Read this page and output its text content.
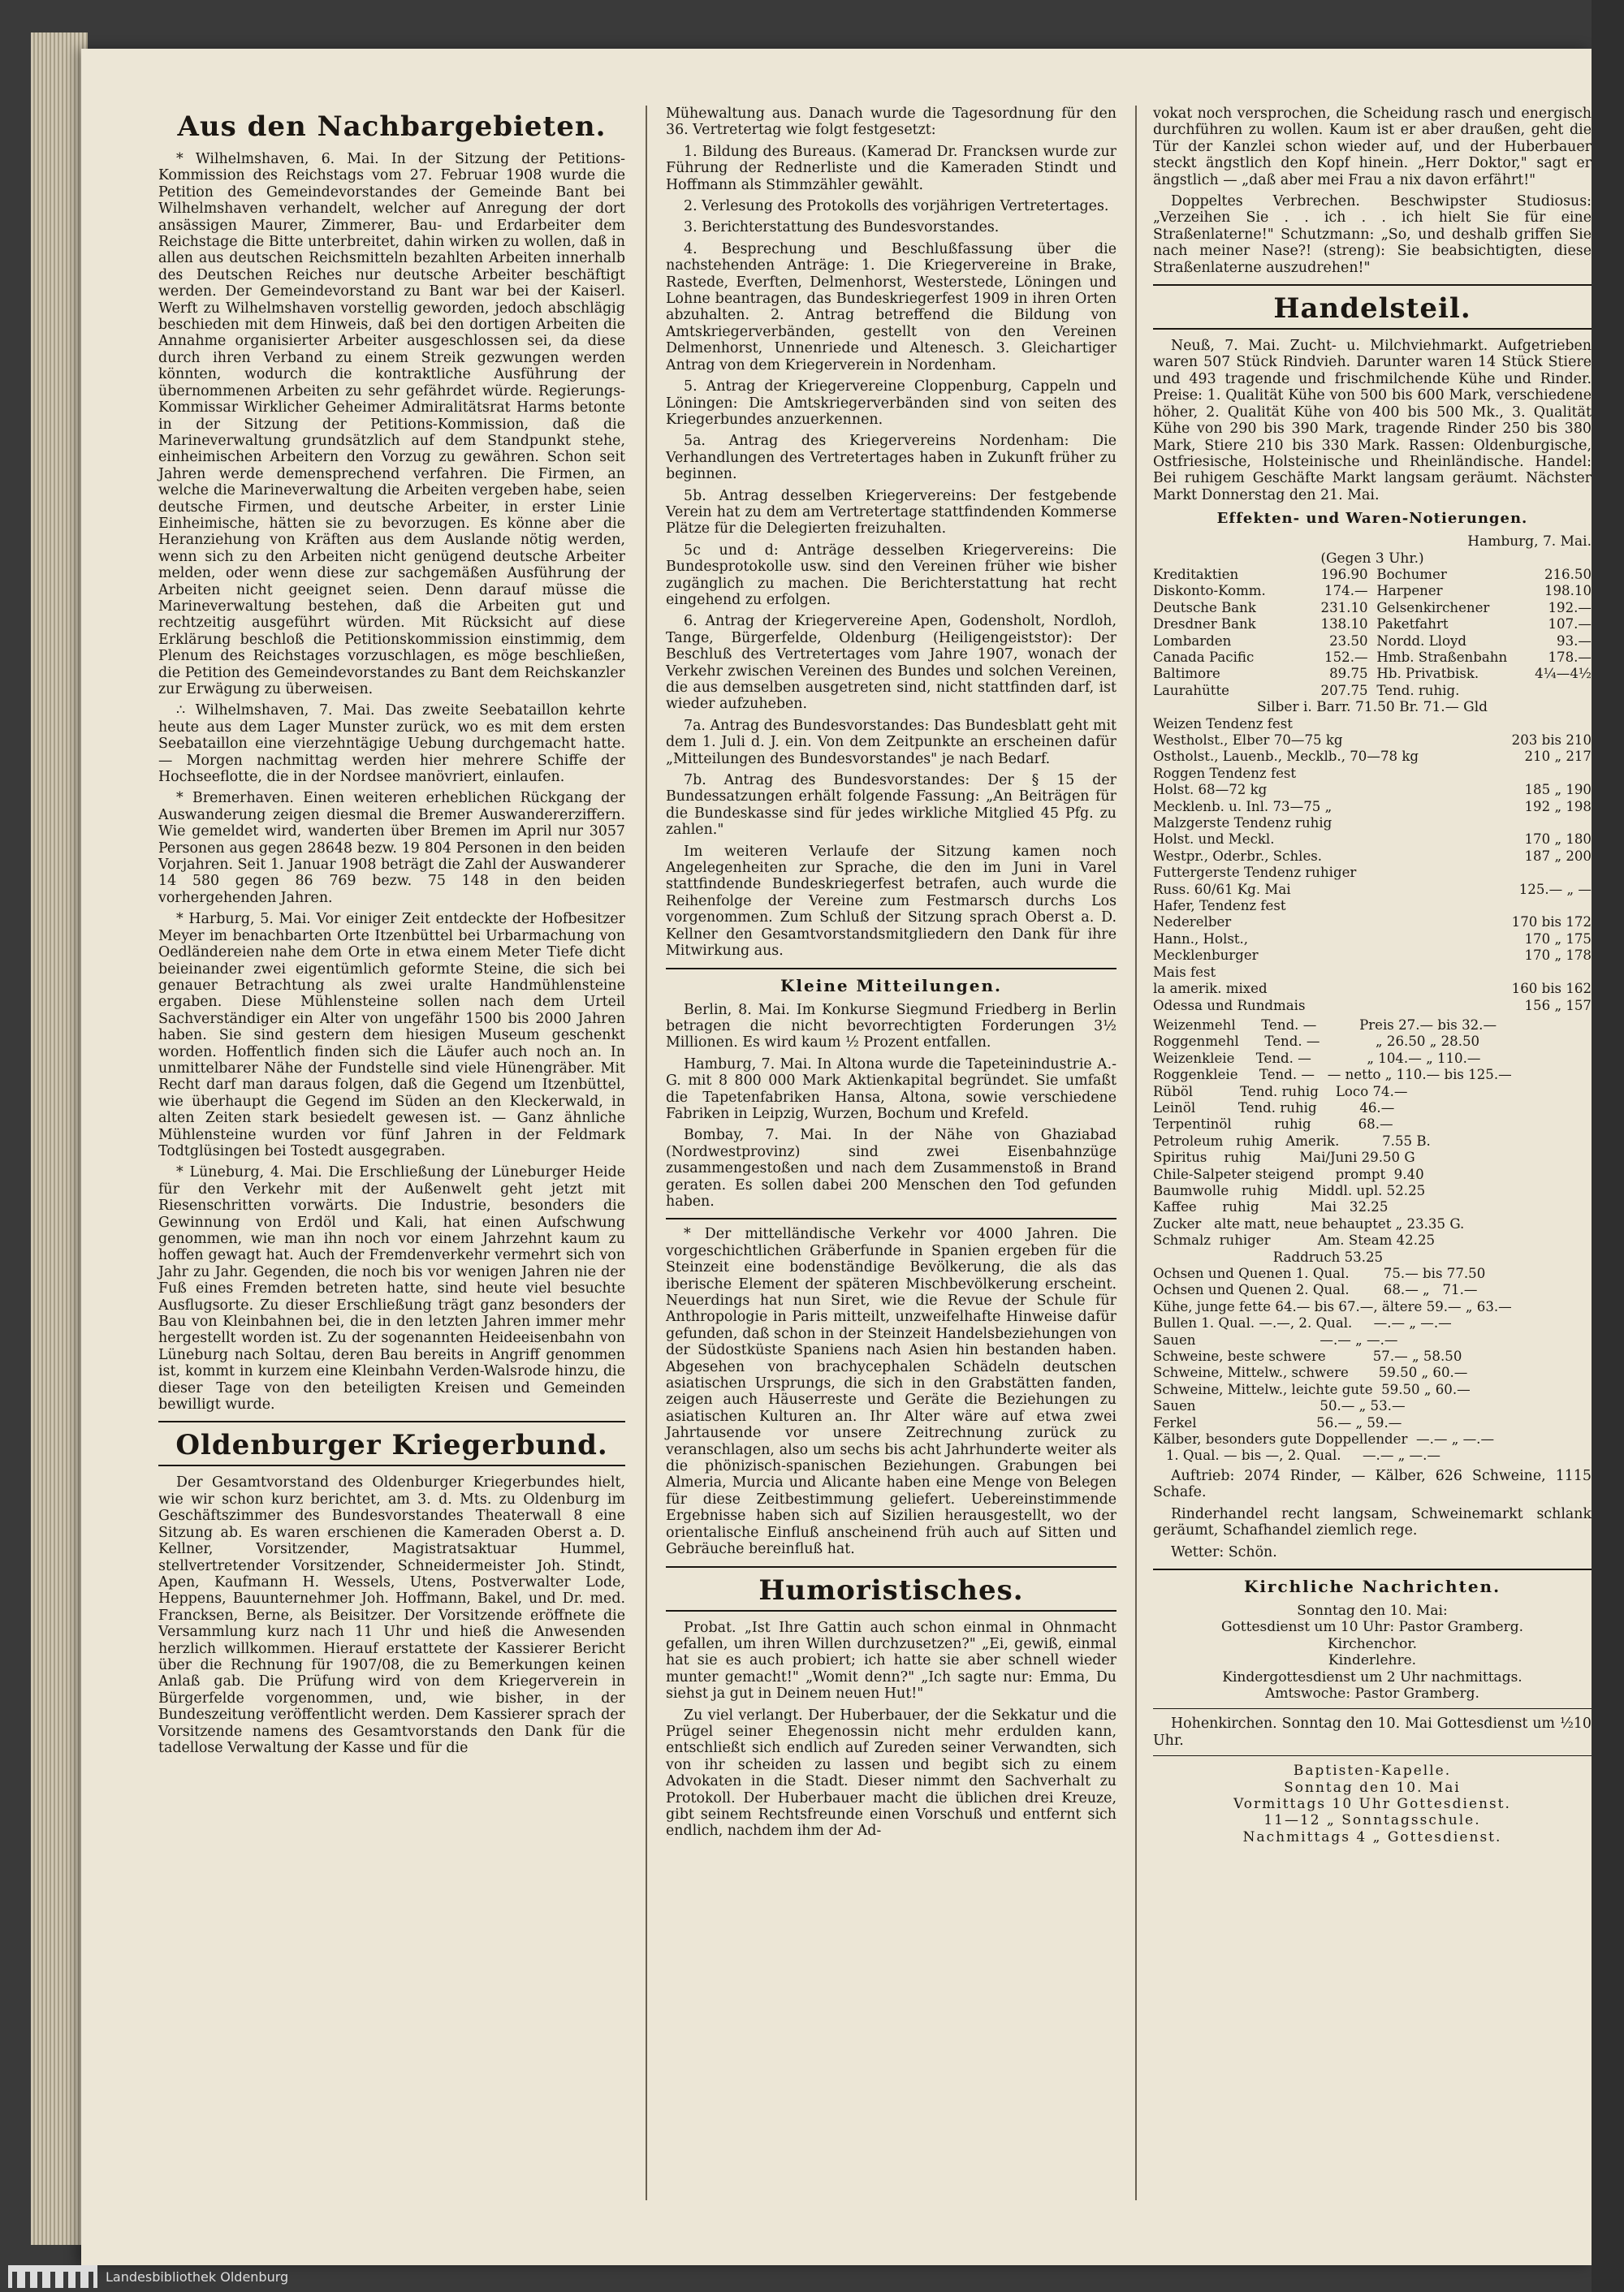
Aus den Nachbargebieten.

* Wilhelmshaven, 6. Mai. In der Sitzung der Petitions-Kommission des Reichstags vom 27. Februar 1908 wurde die Petition des Gemeindevorstandes der Gemeinde Bant bei Wilhelmshaven verhandelt, welcher auf Anregung der dort ansässigen Maurer, Zimmerer, Bau- und Erdarbeiter dem Reichstage die Bitte unterbreitet, dahin wirken zu wollen, daß in allen aus deutschen Reichsmitteln bezahlten Arbeiten innerhalb des Deutschen Reiches nur deutsche Arbeiter beschäftigt werden. Der Gemeindevorstand zu Bant war bei der Kaiserl. Werft zu Wilhelmshaven vorstellig geworden, jedoch abschlägig beschieden mit dem Hinweis, daß bei den dortigen Arbeiten die Annahme organisierter Arbeiter ausgeschlossen sei, da diese durch ihren Verband zu einem Streik gezwungen werden könnten, wodurch die kontraktliche Ausführung der übernommenen Arbeiten zu sehr gefährdet würde. Regierungs-Kommissar Wirklicher Geheimer Admiralitätsrat Harms betonte in der Sitzung der Petitions-Kommission, daß die Marineverwaltung grundsätzlich auf dem Standpunkt stehe, einheimischen Arbeitern den Vorzug zu gewähren. Schon seit Jahren werde demensprechend verfahren. Die Firmen, an welche die Marineverwaltung die Arbeiten vergeben habe, seien deutsche Firmen, und deutsche Arbeiter, in erster Linie Einheimische, hätten sie zu bevorzugen. Es könne aber die Heranziehung von Kräften aus dem Auslande nötig werden, wenn sich zu den Arbeiten nicht genügend deutsche Arbeiter melden, oder wenn diese zur sachgemäßen Ausführung der Arbeiten nicht geeignet seien. Denn darauf müsse die Marineverwaltung bestehen, daß die Arbeiten gut und rechtzeitig ausgeführt würden. Mit Rücksicht auf diese Erklärung beschloß die Petitionskommission einstimmig, dem Plenum des Reichstages vorzuschlagen, es möge beschließen, die Petition des Gemeindevorstandes zu Bant dem Reichskanzler zur Erwägung zu überweisen.

∴ Wilhelmshaven, 7. Mai. Das zweite Seebataillon kehrte heute aus dem Lager Munster zurück, wo es mit dem ersten Seebataillon eine vierzehntägige Uebung durchgemacht hatte. — Morgen nachmittag werden hier mehrere Schiffe der Hochseeflotte, die in der Nordsee manövriert, einlaufen.

* Bremerhaven. Einen weiteren erheblichen Rückgang der Auswanderung zeigen diesmal die Bremer Auswandererziffern. Wie gemeldet wird, wanderten über Bremen im April nur 3057 Personen aus gegen 28648 bezw. 19 804 Personen in den beiden Vorjahren. Seit 1. Januar 1908 beträgt die Zahl der Auswanderer 14 580 gegen 86 769 bezw. 75 148 in den beiden vorhergehenden Jahren.

* Harburg, 5. Mai. Vor einiger Zeit entdeckte der Hofbesitzer Meyer im benachbarten Orte Itzenbüttel bei Urbarmachung von Oedländereien nahe dem Orte in etwa einem Meter Tiefe dicht beieinander zwei eigentümlich geformte Steine, die sich bei genauer Betrachtung als zwei uralte Handmühlensteine ergaben. Diese Mühlensteine sollen nach dem Urteil Sachverständiger ein Alter von ungefähr 1500 bis 2000 Jahren haben. Sie sind gestern dem hiesigen Museum geschenkt worden. Hoffentlich finden sich die Läufer auch noch an. In unmittelbarer Nähe der Fundstelle sind viele Hünengräber. Mit Recht darf man daraus folgen, daß die Gegend um Itzenbüttel, wie überhaupt die Gegend im Süden an den Kleckerwald, in alten Zeiten stark besiedelt gewesen ist. — Ganz ähnliche Mühlensteine wurden vor fünf Jahren in der Feldmark Todtglüsingen bei Tostedt ausgegraben.

* Lüneburg, 4. Mai. Die Erschließung der Lüneburger Heide für den Verkehr mit der Außenwelt geht jetzt mit Riesenschritten vorwärts. Die Industrie, besonders die Gewinnung von Erdöl und Kali, hat einen Aufschwung genommen, wie man ihn noch vor einem Jahrzehnt kaum zu hoffen gewagt hat. Auch der Fremdenverkehr vermehrt sich von Jahr zu Jahr. Gegenden, die noch bis vor wenigen Jahren nie der Fuß eines Fremden betreten hatte, sind heute viel besuchte Ausflugsorte. Zu dieser Erschließung trägt ganz besonders der Bau von Kleinbahnen bei, die in den letzten Jahren immer mehr hergestellt worden ist. Zu der sogenannten Heideeisenbahn von Lüneburg nach Soltau, deren Bau bereits in Angriff genommen ist, kommt in kurzem eine Kleinbahn Verden-Walsrode hinzu, die dieser Tage von den beteiligten Kreisen und Gemeinden bewilligt wurde.

Oldenburger Kriegerbund.

Der Gesamtvorstand des Oldenburger Kriegerbundes hielt, wie wir schon kurz berichtet, am 3. d. Mts. zu Oldenburg im Geschäftszimmer des Bundesvorstandes Theaterwall 8 eine Sitzung ab. Es waren erschienen die Kameraden Oberst a. D. Kellner, Vorsitzender, Magistratsaktuar Hummel, stellvertretender Vorsitzender, Schneidermeister Joh. Stindt, Apen, Kaufmann H. Wessels, Utens, Postverwalter Lode, Heppens, Bauunternehmer Joh. Hoffmann, Bakel, und Dr. med. Francksen, Berne, als Beisitzer. Der Vorsitzende eröffnete die Versammlung kurz nach 11 Uhr und hieß die Anwesenden herzlich willkommen. Hierauf erstattete der Kassierer Bericht über die Rechnung für 1907/08, die zu Bemerkungen keinen Anlaß gab. Die Prüfung wird von dem Kriegerverein in Bürgerfelde vorgenommen, und, wie bisher, in der Bundeszeitung veröffentlicht werden. Dem Kassierer sprach der Vorsitzende namens des Gesamtvorstands den Dank für die tadellose Verwaltung der Kasse und für die

Mühewaltung aus. Danach wurde die Tagesordnung für den 36. Vertretertag wie folgt festgesetzt:

1. Bildung des Bureaus. (Kamerad Dr. Francksen wurde zur Führung der Rednerliste und die Kameraden Stindt und Hoffmann als Stimmzähler gewählt.

2. Verlesung des Protokolls des vorjährigen Vertretertages.

3. Berichterstattung des Bundesvorstandes.

4. Besprechung und Beschlußfassung über die nachstehenden Anträge: 1. Die Kriegervereine in Brake, Rastede, Everften, Delmenhorst, Westerstede, Löningen und Lohne beantragen, das Bundeskriegerfest 1909 in ihren Orten abzuhalten. 2. Antrag betreffend die Bildung von Amtskriegerverbänden, gestellt von den Vereinen Delmenhorst, Unnenriede und Altenesch. 3. Gleichartiger Antrag von dem Kriegerverein in Nordenham.

5. Antrag der Kriegervereine Cloppenburg, Cappeln und Löningen: Die Amtskriegerverbänden sind von seiten des Kriegerbundes anzuerkennen.

5a. Antrag des Kriegervereins Nordenham: Die Verhandlungen des Vertretertages haben in Zukunft früher zu beginnen.

5b. Antrag desselben Kriegervereins: Der festgebende Verein hat zu dem am Vertretertage stattfindenden Kommerse Plätze für die Delegierten freizuhalten.

5c und d: Anträge desselben Kriegervereins: Die Bundesprotokolle usw. sind den Vereinen früher wie bisher zugänglich zu machen. Die Berichterstattung hat recht eingehend zu erfolgen.

6. Antrag der Kriegervereine Apen, Godensholt, Nordloh, Tange, Bürgerfelde, Oldenburg (Heiligengeiststor): Der Beschluß des Vertretertages vom Jahre 1907, wonach der Verkehr zwischen Vereinen des Bundes und solchen Vereinen, die aus demselben ausgetreten sind, nicht stattfinden darf, ist wieder aufzuheben.

7a. Antrag des Bundesvorstandes: Das Bundesblatt geht mit dem 1. Juli d. J. ein. Von dem Zeitpunkte an erscheinen dafür „Mitteilungen des Bundesvorstandes" je nach Bedarf.

7b. Antrag des Bundesvorstandes: Der § 15 der Bundessatzungen erhält folgende Fassung: „An Beiträgen für die Bundeskasse sind für jedes wirkliche Mitglied 45 Pfg. zu zahlen."

Im weiteren Verlaufe der Sitzung kamen noch Angelegenheiten zur Sprache, die den im Juni in Varel stattfindende Bundeskriegerfest betrafen, auch wurde die Reihenfolge der Vereine zum Festmarsch durchs Los vorgenommen. Zum Schluß der Sitzung sprach Oberst a. D. Kellner den Gesamtvorstandsmitgliedern den Dank für ihre Mitwirkung aus.

Kleine Mitteilungen.

Berlin, 8. Mai. Im Konkurse Siegmund Friedberg in Berlin betragen die nicht bevorrechtigten Forderungen 3½ Millionen. Es wird kaum ½ Prozent entfallen.

Hamburg, 7. Mai. In Altona wurde die Tapeteinindustrie A.-G. mit 8 800 000 Mark Aktienkapital begründet. Sie umfaßt die Tapetenfabriken Hansa, Altona, sowie verschiedene Fabriken in Leipzig, Wurzen, Bochum und Krefeld.

Bombay, 7. Mai. In der Nähe von Ghaziabad (Nordwestprovinz) sind zwei Eisenbahnzüge zusammengestoßen und nach dem Zusammenstoß in Brand geraten. Es sollen dabei 200 Menschen den Tod gefunden haben.

* Der mittelländische Verkehr vor 4000 Jahren. Die vorgeschichtlichen Gräberfunde in Spanien ergeben für die Steinzeit eine bodenständige Bevölkerung, die als das iberische Element der späteren Mischbevölkerung erscheint. Neuerdings hat nun Siret, wie die Revue der Schule für Anthropologie in Paris mitteilt, unzweifelhafte Hinweise dafür gefunden, daß schon in der Steinzeit Handelsbeziehungen von der Südostküste Spaniens nach Asien hin bestanden haben. Abgesehen von brachycephalen Schädeln deutschen asiatischen Ursprungs, die sich in den Grabstätten fanden, zeigen auch Häuserreste und Geräte die Beziehungen zu asiatischen Kulturen an. Ihr Alter wäre auf etwa zwei Jahrtausende vor unsere Zeitrechnung zurück zu veranschlagen, also um sechs bis acht Jahrhunderte weiter als die phönizisch-spanischen Beziehungen. Grabungen bei Almeria, Murcia und Alicante haben eine Menge von Belegen für diese Zeitbestimmung geliefert. Uebereinstimmende Ergebnisse haben sich auf Sizilien herausgestellt, wo der orientalische Einfluß anscheinend früh auch auf Sitten und Gebräuche bereinfluß hat.

Humoristisches.

Probat. „Ist Ihre Gattin auch schon einmal in Ohnmacht gefallen, um ihren Willen durchzusetzen?" „Ei, gewiß, einmal hat sie es auch probiert; ich hatte sie aber schnell wieder munter gemacht!" „Womit denn?" „Ich sagte nur: Emma, Du siehst ja gut in Deinem neuen Hut!"

Zu viel verlangt. Der Huberbauer, der die Sekkatur und die Prügel seiner Ehegenossin nicht mehr erdulden kann, entschließt sich endlich auf Zureden seiner Verwandten, sich von ihr scheiden zu lassen und begibt sich zu einem Advokaten in die Stadt. Dieser nimmt den Sachverhalt zu Protokoll. Der Huberbauer macht die üblichen drei Kreuze, gibt seinem Rechtsfreunde einen Vorschuß und entfernt sich endlich, nachdem ihm der Ad-

vokat noch versprochen, die Scheidung rasch und energisch durchführen zu wollen. Kaum ist er aber draußen, geht die Tür der Kanzlei schon wieder auf, und der Huberbauer steckt ängstlich den Kopf hinein. „Herr Doktor," sagt er ängstlich — „daß aber mei Frau a nix davon erfährt!"

Doppeltes Verbrechen. Beschwipster Studiosus: „Verzeihen Sie . . ich . . ich hielt Sie für eine Straßenlaterne!" Schutzmann: „So, und deshalb griffen Sie nach meiner Nase?! (streng): Sie beabsichtigten, diese Straßenlaterne auszudrehen!"

Handelsteil.

Neuß, 7. Mai. Zucht- u. Milchviehmarkt. Aufgetrieben waren 507 Stück Rindvieh. Darunter waren 14 Stück Stiere und 493 tragende und frischmilchende Kühe und Rinder. Preise: 1. Qualität Kühe von 500 bis 600 Mark, verschiedene höher, 2. Qualität Kühe von 400 bis 500 Mk., 3. Qualität Kühe von 290 bis 390 Mark, tragende Rinder 250 bis 380 Mark, Stiere 210 bis 330 Mark. Rassen: Oldenburgische, Ostfriesische, Holsteinische und Rheinländische. Handel: Bei ruhigem Geschäfte Markt langsam geräumt. Nächster Markt Donnerstag den 21. Mai.

Effekten- und Waren-Notierungen.

Hamburg, 7. Mai.

(Gegen 3 Uhr.)

Kreditaktien	196.90 Bochumer	216.50
Diskonto-Komm.	174.— Harpener	198.10
Deutsche Bank	231.10 Gelsenkirchener	192.—
Dresdner Bank	138.10 Paketfahrt	107.—
Lombarden	23.50 Nordd. Lloyd	93.—
Canada Pacific	152.— Hmb. Straßenbahn	178.—
Baltimore	89.75 Hb. Privatbisk.	4¼—4½
Laurahütte	207.75 Tend. ruhig.

Silber i. Barr. 71.50 Br. 71.— Gld

Weizen Tendenz fest
Westholst., Elber 70—75 kg	203 bis 210
Ostholst., Lauenb., Mecklb., 70—78 kg	210 „ 217
Roggen Tendenz fest
Holst. 68—72 kg	185 „ 190
Mecklenb. u. Inl. 73—75 „	192 „ 198
Malzgerste Tendenz ruhig
Holst. und Meckl.	170 „ 180
Westpr., Oderbr., Schles.	187 „ 200
Futtergerste Tendenz ruhiger
Russ. 60/61 Kg. Mai	125.— „ —
Hafer, Tendenz fest
Nederelber	170 bis 172
Hann., Holst.,	170 „ 175
Mecklenburger	170 „ 178
Mais fest
la amerik. mixed	160 bis 162
Odessa und Rundmais	156 „ 157
Weizenmehl      Tend. —          Preis 27.— bis 32.—
Roggenmehl      Tend. —             „ 26.50 „ 28.50
Weizenkleie     Tend. —             „ 104.— „ 110.—
Roggenkleie     Tend. —   — netto „ 110.— bis 125.—
Rüböl           Tend. ruhig    Loco 74.—
Leinöl          Tend. ruhig          46.—
Terpentinöl          ruhig           68.—
Petroleum   ruhig   Amerik.          7.55 B.
Spiritus    ruhig         Mai/Juni 29.50 G
Chile-Salpeter steigend     prompt  9.40
Baumwolle   ruhig       Middl. upl. 52.25
Kaffee      ruhig            Mai   32.25
Zucker   alte matt, neue behauptet „ 23.35 G.
Schmalz  ruhiger           Am. Steam 42.25
Raddruch 53.25
Ochsen und Quenen 1. Qual.        75.— bis 77.50
Ochsen und Quenen 2. Qual.        68.— „   71.—
Kühe, junge fette 64.— bis 67.—, ältere 59.— „ 63.—
Bullen 1. Qual. —.—, 2. Qual.     —.— „ —.—
Sauen                             —.— „ —.—
Schweine, beste schwere           57.— „ 58.50
Schweine, Mittelw., schwere       59.50 „ 60.—
Schweine, Mittelw., leichte gute  59.50 „ 60.—
Sauen                             50.— „ 53.—
Ferkel                            56.— „ 59.—
Kälber, besonders gute Doppellender  —.— „ —.—
1. Qual. — bis —, 2. Qual.     —.— „ —.—

Auftrieb: 2074 Rinder, — Kälber, 626 Schweine, 1115 Schafe.

Rinderhandel recht langsam, Schweinemarkt schlank geräumt, Schafhandel ziemlich rege.

Wetter: Schön.

Kirchliche Nachrichten.

Sonntag den 10. Mai:

Gottesdienst um 10 Uhr: Pastor Gramberg.

Kirchenchor.

Kinderlehre.

Kindergottesdienst um 2 Uhr nachmittags.

Amtswoche: Pastor Gramberg.

Hohenkirchen. Sonntag den 10. Mai Gottesdienst um ½10 Uhr.

Baptisten-Kapelle.

Sonntag den 10. Mai

Vormittags 10 Uhr Gottesdienst.

11—12 „ Sonntagsschule.

Nachmittags 4 „ Gottesdienst.

Landesbibliothek Oldenburg
